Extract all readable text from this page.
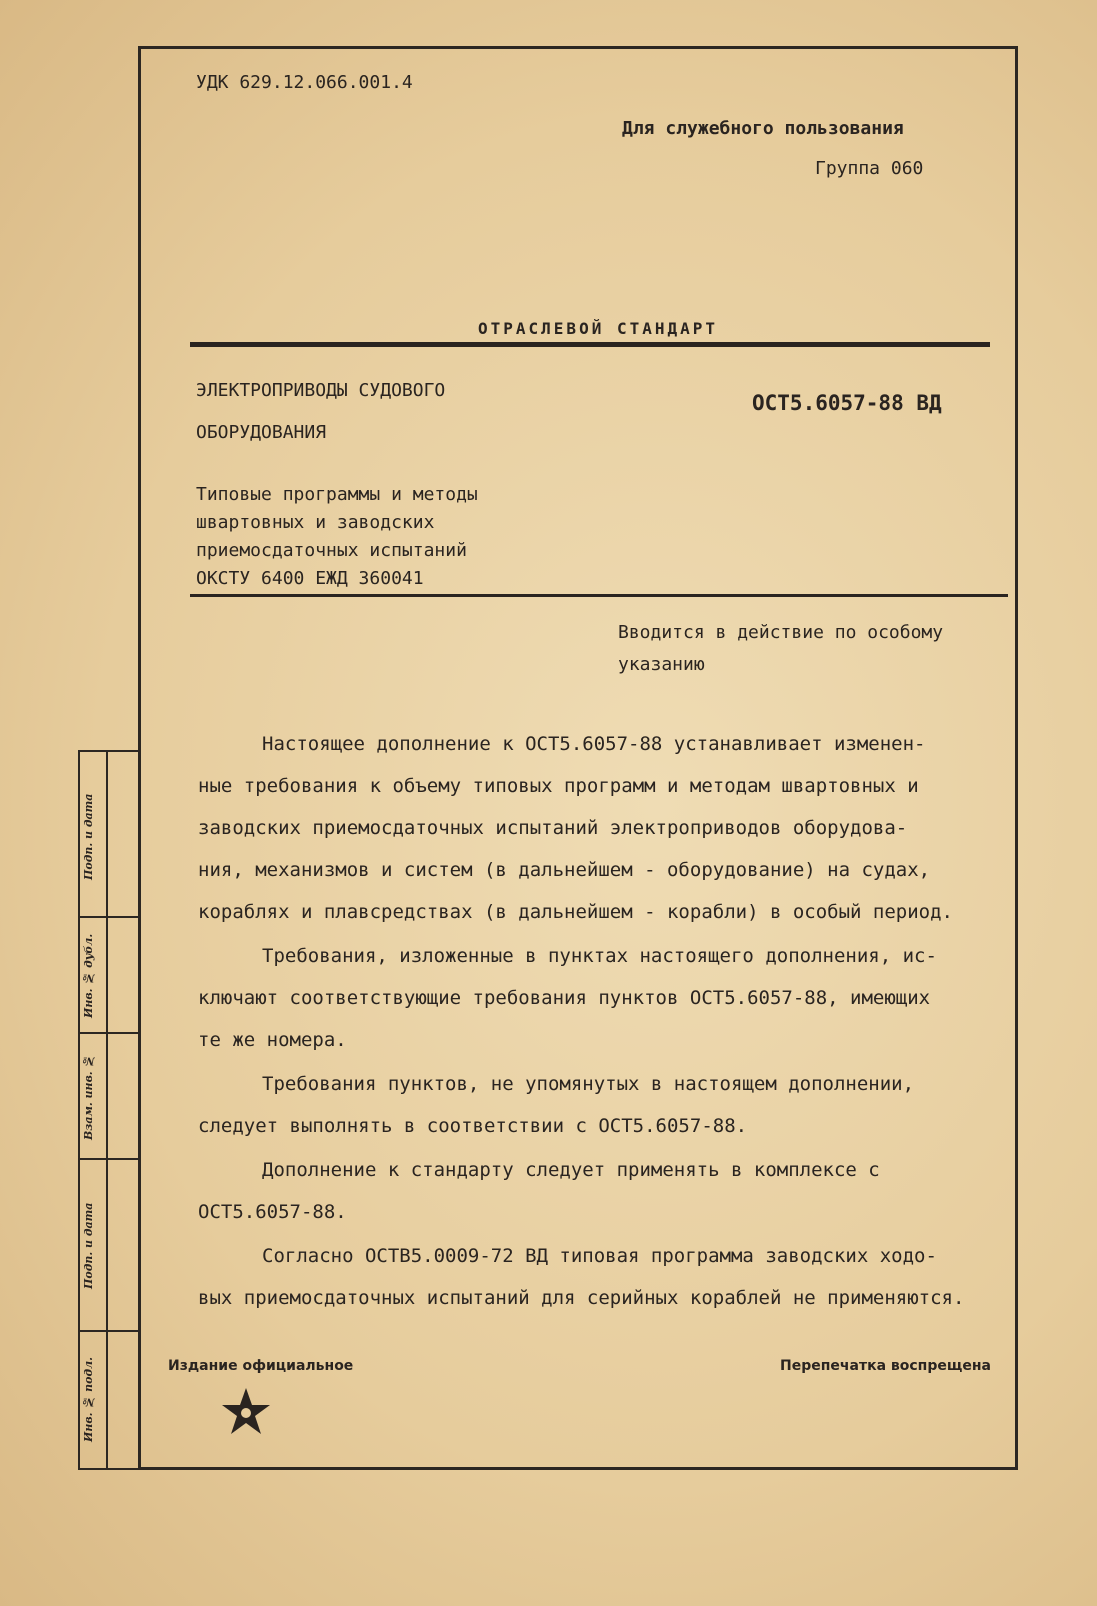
Подп. и дата
Инв. № дубл.
Взам. инв. №
Подп. и дата
Инв. № подл.
УДК 629.12.066.001.4
Для служебного пользования
Группа 060
ОТРАСЛЕВОЙ СТАНДАРТ
ЭЛЕКТРОПРИВОДЫ СУДОВОГО
ОБОРУДОВАНИЯ
ОСТ5.6057-88 ВД
Типовые программы и методы
швартовных и заводских
приемосдаточных испытаний
ОКСТУ 6400 ЕЖД 360041
Вводится в действие по особому
указанию
Настоящее дополнение к ОСТ5.6057-88 устанавливает изменен-
ные требования к объему типовых программ и методам швартовных и
заводских приемосдаточных испытаний электроприводов оборудова-
ния, механизмов и систем (в дальнейшем - оборудование) на судах,
кораблях и плавсредствах (в дальнейшем - корабли) в особый период.
Требования, изложенные в пунктах настоящего дополнения, ис-
ключают соответствующие требования пунктов ОСТ5.6057-88, имеющих
те же номера.
Требования пунктов, не упомянутых в настоящем дополнении,
следует выполнять в соответствии с ОСТ5.6057-88.
Дополнение к стандарту следует применять в комплексе с
ОСТ5.6057-88.
Согласно ОСТВ5.0009-72 ВД типовая программа заводских ходо-
вых приемосдаточных испытаний для серийных кораблей не применяются.
Издание официальное	Перепечатка воспрещена
